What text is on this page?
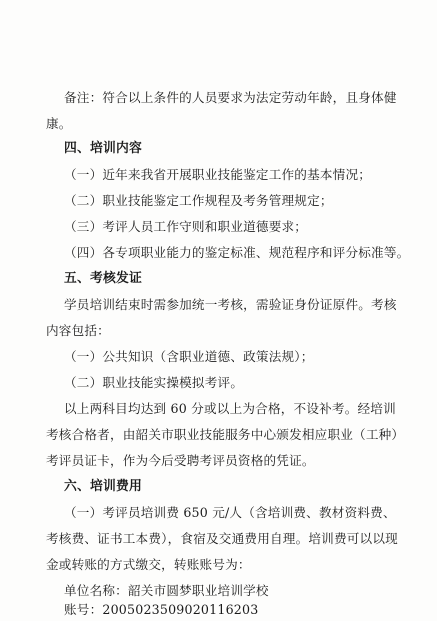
备注：符合以上条件的人员要求为法定劳动年龄，且身体健
康。
四、培训内容
（一）近年来我省开展职业技能鉴定工作的基本情况；
（二）职业技能鉴定工作规程及考务管理规定；
（三）考评人员工作守则和职业道德要求；
（四）各专项职业能力的鉴定标准、规范程序和评分标准等。
五、考核发证
学员培训结束时需参加统一考核，需验证身份证原件。考核
内容包括：
（一）公共知识（含职业道德、政策法规）；
（二）职业技能实操模拟考评。
以上两科目均达到 60 分或以上为合格，不设补考。经培训
考核合格者，由韶关市职业技能服务中心颁发相应职业（工种）
考评员证卡，作为今后受聘考评员资格的凭证。
六、培训费用
（一）考评员培训费 650 元/人（含培训费、教材资料费、
考核费、证书工本费），食宿及交通费用自理。培训费可以以现
金或转账的方式缴交，转账账号为：
单位名称：韶关市圆梦职业培训学校
账号：2005023509020116203
